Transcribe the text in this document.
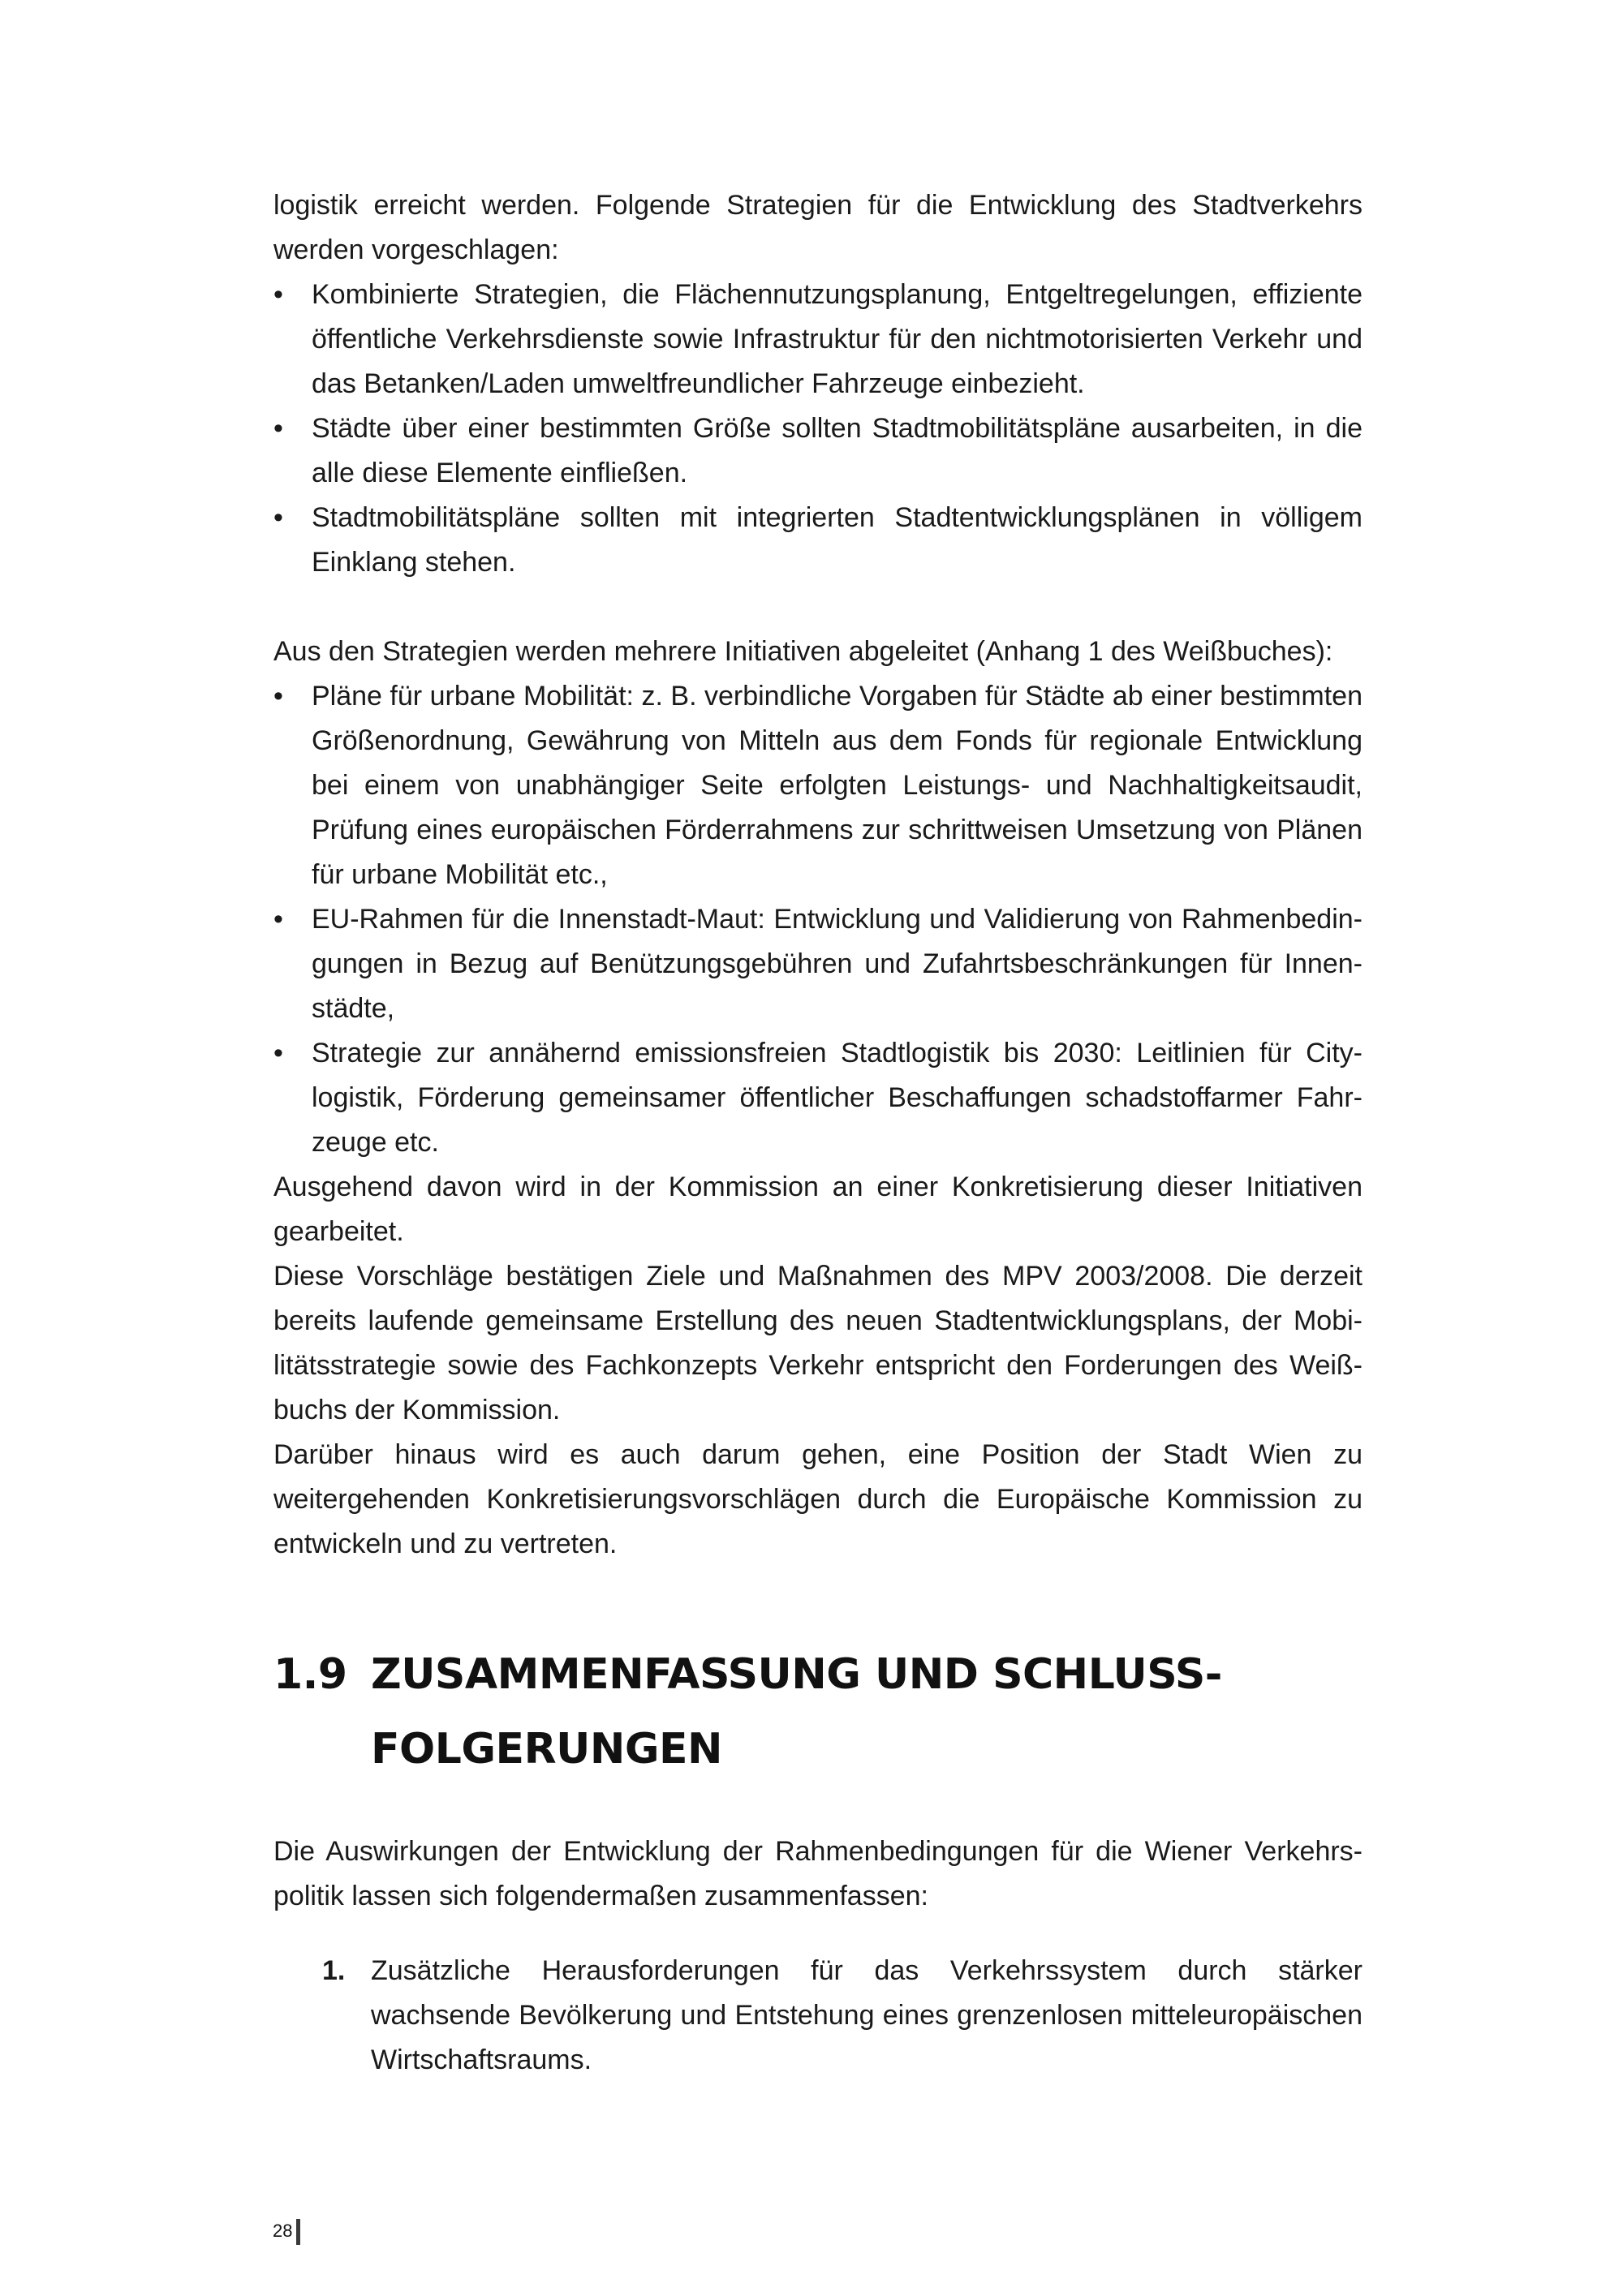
logistik erreicht werden. Folgende Strategien für die Entwicklung des Stadtverkehrs werden vorgeschlagen:

• Kombinierte Strategien, die Flächennutzungsplanung, Entgeltregelungen, effiziente öffentliche Verkehrsdienste sowie Infrastruktur für den nichtmotorisierten Verkehr und das Betanken/Laden umweltfreundlicher Fahrzeuge einbezieht.
• Städte über einer bestimmten Größe sollten Stadtmobilitätspläne ausarbeiten, in die alle diese Elemente einfließen.
• Stadtmobilitätspläne sollten mit integrierten Stadtentwicklungsplänen in völligem Einklang stehen.

Aus den Strategien werden mehrere Initiativen abgeleitet (Anhang 1 des Weißbuches):

• Pläne für urbane Mobilität: z. B. verbindliche Vorgaben für Städte ab einer bestimmten Größenordnung, Gewährung von Mitteln aus dem Fonds für regionale Entwicklung bei einem von unabhängiger Seite erfolgten Leistungs- und Nachhaltigkeitsaudit, Prüfung eines europäischen Förderrahmens zur schrittweisen Umsetzung von Plänen für urbane Mobilität etc.,
• EU-Rahmen für die Innenstadt-Maut: Entwicklung und Validierung von Rahmenbedingungen in Bezug auf Benützungsgebühren und Zufahrtsbeschränkungen für Innenstädte,
• Strategie zur annähernd emissionsfreien Stadtlogistik bis 2030: Leitlinien für Citylogistik, Förderung gemeinsamer öffentlicher Beschaffungen schadstoffarmer Fahrzeuge etc.

Ausgehend davon wird in der Kommission an einer Konkretisierung dieser Initiativen gearbeitet.

Diese Vorschläge bestätigen Ziele und Maßnahmen des MPV 2003/2008. Die derzeit bereits laufende gemeinsame Erstellung des neuen Stadtentwicklungsplans, der Mobilitätsstrategie sowie des Fachkonzepts Verkehr entspricht den Forderungen des Weißbuchs der Kommission.

Darüber hinaus wird es auch darum gehen, eine Position der Stadt Wien zu weitergehenden Konkretisierungsvorschlägen durch die Europäische Kommission zu entwickeln und zu vertreten.

1.9 ZUSAMMENFASSUNG UND SCHLUSS-
FOLGERUNGEN

Die Auswirkungen der Entwicklung der Rahmenbedingungen für die Wiener Verkehrspolitik lassen sich folgendermaßen zusammenfassen:

1. Zusätzliche Herausforderungen für das Verkehrssystem durch stärker wachsende Bevölkerung und Entstehung eines grenzenlosen mitteleuropäischen Wirtschaftsraums.
28
